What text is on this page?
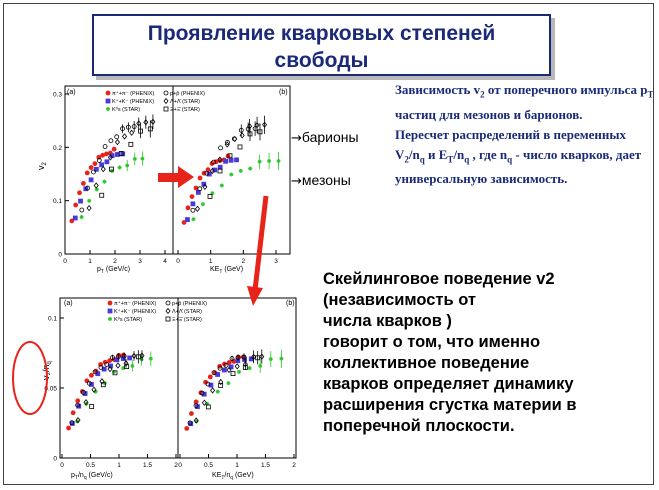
Проявление кварковых степеней
свободы
(a)	(b)
0
0.1
0.2
0.3
0	1	2	3	4 0	1	2	3
$v_2$
$p_T$ (GeV/c)	$KE_T$ (GeV)
π⁺+π⁻ (PHENIX)	p+p̄ (PHENIX)
K⁺+K⁻ (PHENIX)	Λ+Λ̄ (STAR)
K⁰s (STAR)	Ξ+Ξ̄ (STAR)
(a)	(b)
0
0.05
0.1
0	0.5	1	1.5	2 0	0.5	1	1.5	2
$v_2/n_q$
$p_T/n_q$ (GeV/c)	$KE_T/n_q$ (GeV)
π⁺+π⁻ (PHENIX)	p+p̄ (PHENIX)
K⁺+K⁻ (PHENIX)	Λ+Λ̄ (STAR)
K⁰s (STAR)	Ξ+Ξ̄ (STAR)
→барионы
→мезоны

Зависимость $v_2$ от поперечного импульса $p_T$ частиц для мезонов и барионов.

Пересчет распределений в переменных $V_2/n_q$ и $E_T/n_q$ , где $n_q$ - число кварков, дает универсальную зависимость.

Скейлинговое поведение v2

(независимость от

числа кварков )

говорит о том, что именно

коллективное поведение

кварков определяет динамику

расширения сгустка материи в

поперечной плоскости.
